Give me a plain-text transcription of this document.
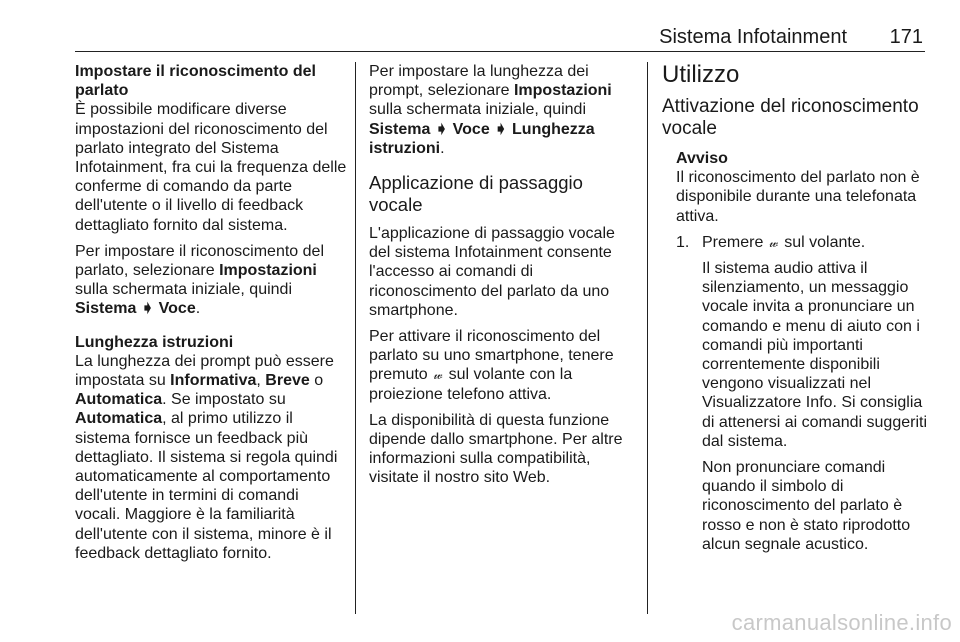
Sistema Infotainment 171
Impostare il riconoscimento del parlato
È possibile modificare diverse impostazioni del riconoscimento del parlato integrato del Sistema Infotainment, fra cui la frequenza delle conferme di comando da parte dell'utente o il livello di feedback dettagliato fornito dal sistema.
Per impostare il riconoscimento del parlato, selezionare Impostazioni sulla schermata iniziale, quindi Sistema ➧ Voce.
Lunghezza istruzioni
La lunghezza dei prompt può essere impostata su Informativa, Breve o Automatica. Se impostato su Automatica, al primo utilizzo il sistema fornisce un feedback più dettagliato. Il sistema si regola quindi automaticamente al comportamento dell'utente in termini di comandi vocali. Maggiore è la familiarità dell'utente con il sistema, minore è il feedback dettagliato fornito.
Per impostare la lunghezza dei prompt, selezionare Impostazioni sulla schermata iniziale, quindi Sistema ➧ Voce ➧ Lunghezza istruzioni.
Applicazione di passaggio vocale
L'applicazione di passaggio vocale del sistema Infotainment consente l'accesso ai comandi di riconoscimento del parlato da uno smartphone.
Per attivare il riconoscimento del parlato su uno smartphone, tenere premuto 𝓌 sul volante con la proiezione telefono attiva.
La disponibilità di questa funzione dipende dallo smartphone. Per altre informazioni sulla compatibilità, visitate il nostro sito Web.
Utilizzo
Attivazione del riconoscimento vocale
Avviso
Il riconoscimento del parlato non è disponibile durante una telefonata attiva.
1. Premere 𝓌 sul volante.
Il sistema audio attiva il silenziamento, un messaggio vocale invita a pronunciare un comando e menu di aiuto con i comandi più importanti correntemente disponibili vengono visualizzati nel Visualizzatore Info. Si consiglia di attenersi ai comandi suggeriti dal sistema.
Non pronunciare comandi quando il simbolo di riconoscimento del parlato è rosso e non è stato riprodotto alcun segnale acustico.
carmanualsonline.info
